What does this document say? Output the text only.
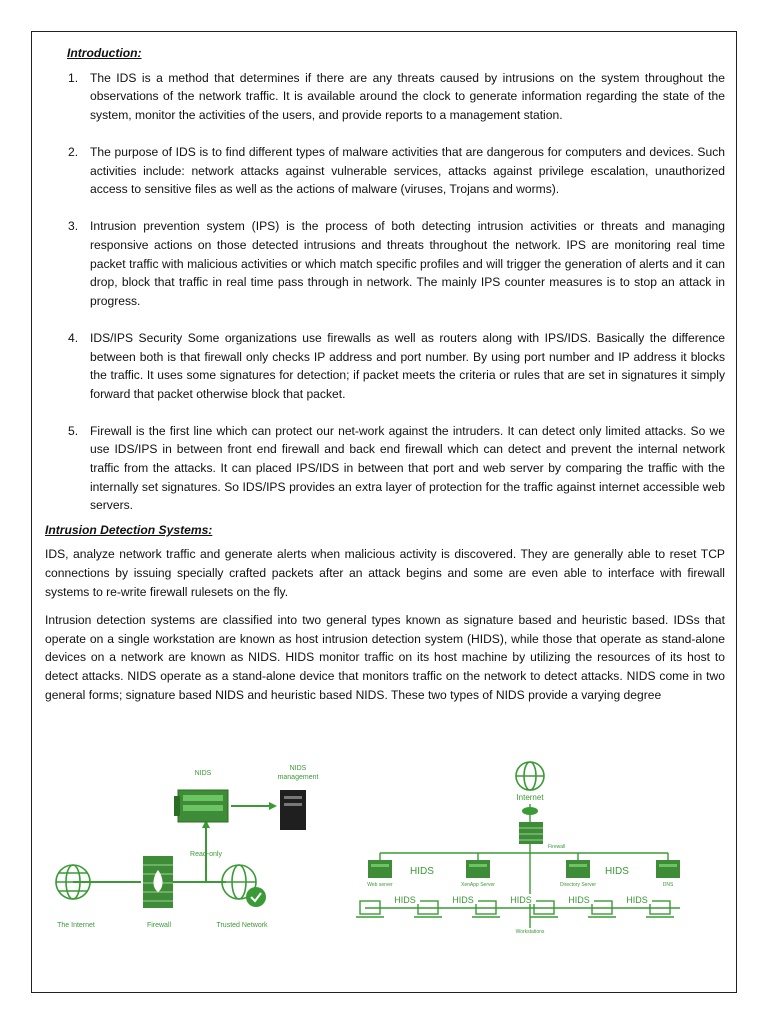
Introduction:

1. The IDS is a method that determines if there are any threats caused by intrusions on the system throughout the observations of the network traffic. It is available around the clock to generate information regarding the state of the system, monitor the activities of the users, and provide reports to a management station.
2. The purpose of IDS is to find different types of malware activities that are dangerous for computers and devices. Such activities include: network attacks against vulnerable services, attacks against privilege escalation, unauthorized access to sensitive files as well as the actions of malware (viruses, Trojans and worms).
3. Intrusion prevention system (IPS) is the process of both detecting intrusion activities or threats and managing responsive actions on those detected intrusions and threats throughout the network. IPS are monitoring real time packet traffic with malicious activities or which match specific profiles and will trigger the generation of alerts and it can drop, block that traffic in real time pass through in network. The mainly IPS counter measures is to stop an attack in progress.
4. IDS/IPS Security Some organizations use firewalls as well as routers along with IPS/IDS. Basically the difference between both is that firewall only checks IP address and port number. By using port number and IP address it blocks the traffic. It uses some signatures for detection; if packet meets the criteria or rules that are set in signatures it simply forward that packet otherwise block that packet.
5. Firewall is the first line which can protect our net-work against the intruders. It can detect only limited attacks. So we use IDS/IPS in between front end firewall and back end firewall which can detect and prevent the internal network traffic from the attacks. It can placed IPS/IDS in between that port and web server by comparing the traffic with the internally set signatures. So IDS/IPS provides an extra layer of protection for the traffic against internet accessible web servers.

Intrusion Detection Systems:

IDS, analyze network traffic and generate alerts when malicious activity is discovered. They are generally able to reset TCP connections by issuing specially crafted packets after an attack begins and some are even able to interface with firewall systems to re-write firewall rulesets on the fly.

Intrusion detection systems are classified into two general types known as signature based and heuristic based. IDSs that operate on a single workstation are known as host intrusion detection system (HIDS), while those that operate as stand-alone devices on a network are known as NIDS. HIDS monitor traffic on its host machine by utilizing the resources of its host to detect attacks. NIDS operate as a stand-alone device that monitors traffic on the network to detect attacks. NIDS come in two general forms; signature based NIDS and heuristic based NIDS. These two types of NIDS provide a varying degree

NIDS
NIDS
management
Read-only
The Internet	Firewall	Trusted Network
Internet
Firewall
Web server	XenApp Server	Directory Server	DNS
HIDS	HIDS
HIDS	HIDS	HIDS	HIDS	HIDS
Workstations
